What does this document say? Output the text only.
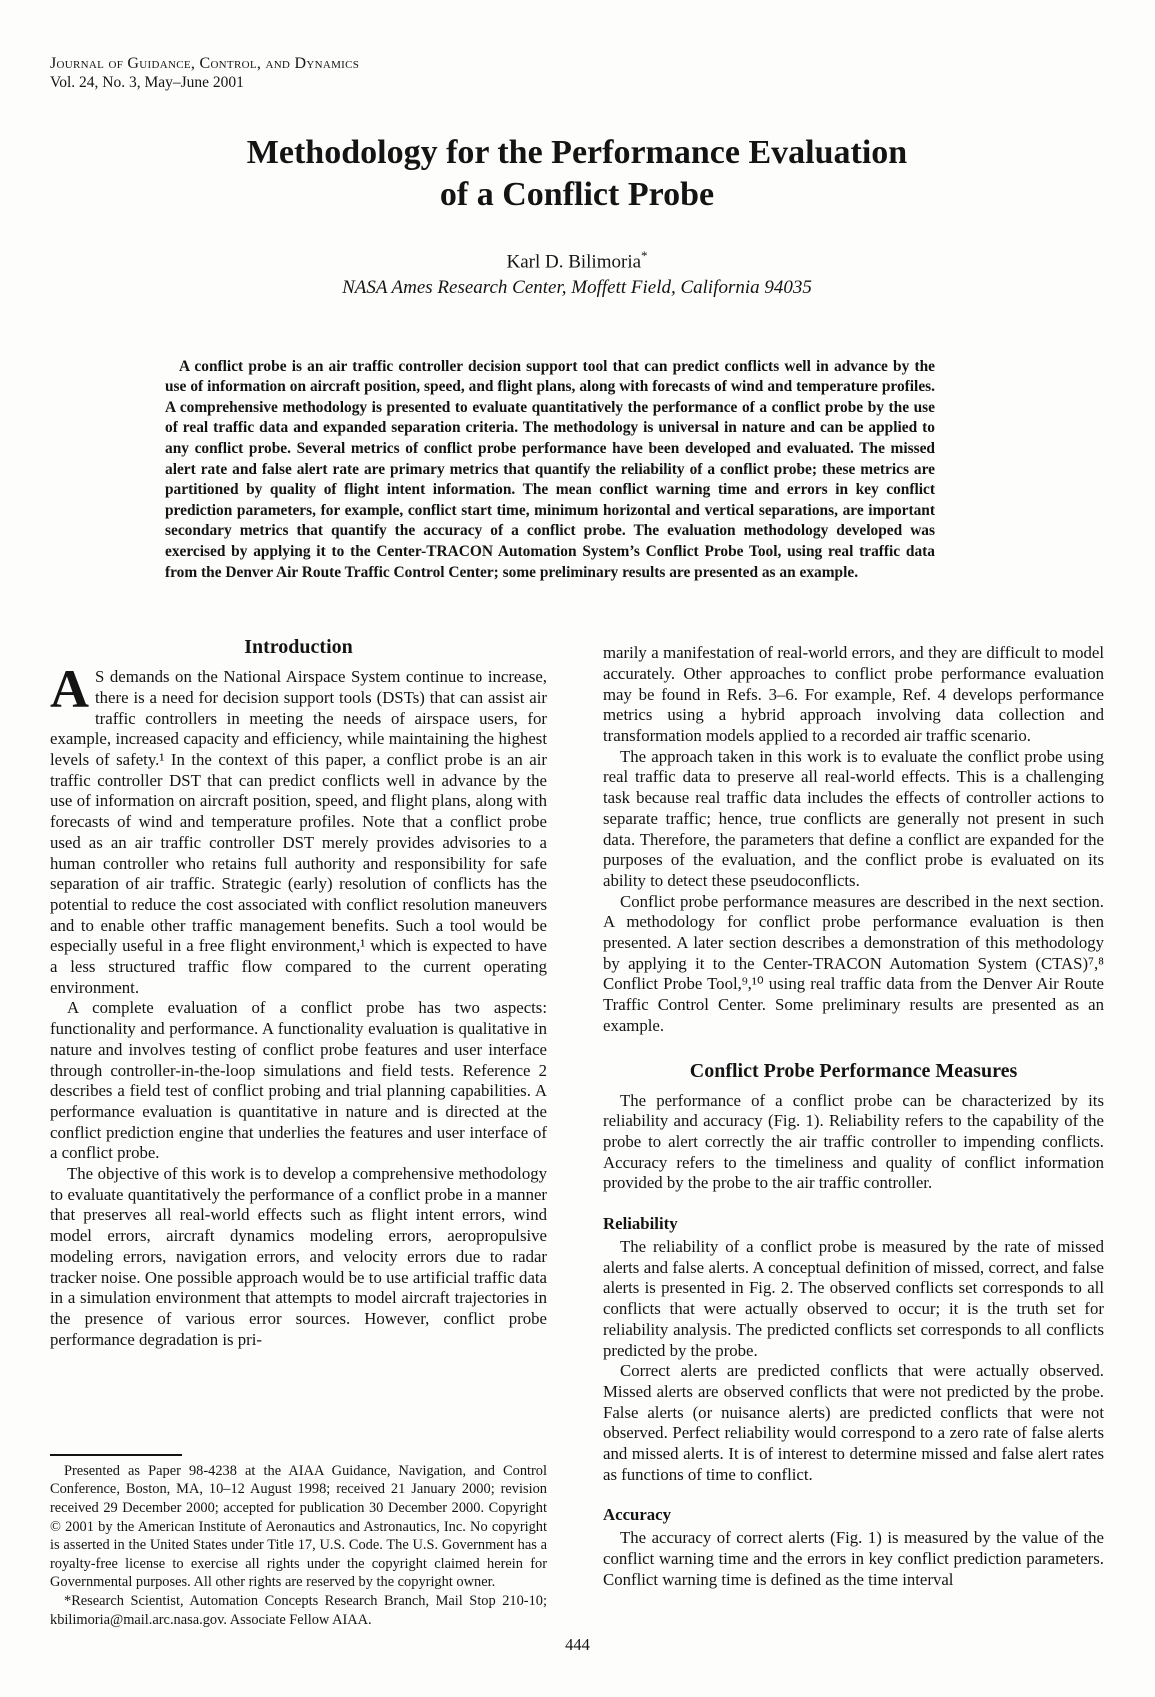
Journal of Guidance, Control, and Dynamics
Vol. 24, No. 3, May–June 2001
Methodology for the Performance Evaluation
of a Conflict Probe
Karl D. Bilimoria*
NASA Ames Research Center, Moffett Field, California 94035

A conflict probe is an air traffic controller decision support tool that can predict conflicts well in advance by the use of information on aircraft position, speed, and flight plans, along with forecasts of wind and temperature profiles. A comprehensive methodology is presented to evaluate quantitatively the performance of a conflict probe by the use of real traffic data and expanded separation criteria. The methodology is universal in nature and can be applied to any conflict probe. Several metrics of conflict probe performance have been developed and evaluated. The missed alert rate and false alert rate are primary metrics that quantify the reliability of a conflict probe; these metrics are partitioned by quality of flight intent information. The mean conflict warning time and errors in key conflict prediction parameters, for example, conflict start time, minimum horizontal and vertical separations, are important secondary metrics that quantify the accuracy of a conflict probe. The evaluation methodology developed was exercised by applying it to the Center-TRACON Automation System’s Conflict Probe Tool, using real traffic data from the Denver Air Route Traffic Control Center; some preliminary results are presented as an example.

Introduction

A S demands on the National Airspace System continue to increase, there is a need for decision support tools (DSTs) that can assist air traffic controllers in meeting the needs of airspace users, for example, increased capacity and efficiency, while maintaining the highest levels of safety.¹ In the context of this paper, a conflict probe is an air traffic controller DST that can predict conflicts well in advance by the use of information on aircraft position, speed, and flight plans, along with forecasts of wind and temperature profiles. Note that a conflict probe used as an air traffic controller DST merely provides advisories to a human controller who retains full authority and responsibility for safe separation of air traffic. Strategic (early) resolution of conflicts has the potential to reduce the cost associated with conflict resolution maneuvers and to enable other traffic management benefits. Such a tool would be especially useful in a free flight environment,¹ which is expected to have a less structured traffic flow compared to the current operating environment.

A complete evaluation of a conflict probe has two aspects: functionality and performance. A functionality evaluation is qualitative in nature and involves testing of conflict probe features and user interface through controller-in-the-loop simulations and field tests. Reference 2 describes a field test of conflict probing and trial planning capabilities. A performance evaluation is quantitative in nature and is directed at the conflict prediction engine that underlies the features and user interface of a conflict probe.

The objective of this work is to develop a comprehensive methodology to evaluate quantitatively the performance of a conflict probe in a manner that preserves all real-world effects such as flight intent errors, wind model errors, aircraft dynamics modeling errors, aeropropulsive modeling errors, navigation errors, and velocity errors due to radar tracker noise. One possible approach would be to use artificial traffic data in a simulation environment that attempts to model aircraft trajectories in the presence of various error sources. However, conflict probe performance degradation is pri-

Presented as Paper 98-4238 at the AIAA Guidance, Navigation, and Control Conference, Boston, MA, 10–12 August 1998; received 21 January 2000; revision received 29 December 2000; accepted for publication 30 December 2000. Copyright © 2001 by the American Institute of Aeronautics and Astronautics, Inc. No copyright is asserted in the United States under Title 17, U.S. Code. The U.S. Government has a royalty-free license to exercise all rights under the copyright claimed herein for Governmental purposes. All other rights are reserved by the copyright owner.

*Research Scientist, Automation Concepts Research Branch, Mail Stop 210-10; kbilimoria@mail.arc.nasa.gov. Associate Fellow AIAA.

marily a manifestation of real-world errors, and they are difficult to model accurately. Other approaches to conflict probe performance evaluation may be found in Refs. 3–6. For example, Ref. 4 develops performance metrics using a hybrid approach involving data collection and transformation models applied to a recorded air traffic scenario.

The approach taken in this work is to evaluate the conflict probe using real traffic data to preserve all real-world effects. This is a challenging task because real traffic data includes the effects of controller actions to separate traffic; hence, true conflicts are generally not present in such data. Therefore, the parameters that define a conflict are expanded for the purposes of the evaluation, and the conflict probe is evaluated on its ability to detect these pseudoconflicts.

Conflict probe performance measures are described in the next section. A methodology for conflict probe performance evaluation is then presented. A later section describes a demonstration of this methodology by applying it to the Center-TRACON Automation System (CTAS)⁷,⁸ Conflict Probe Tool,⁹,¹⁰ using real traffic data from the Denver Air Route Traffic Control Center. Some preliminary results are presented as an example.

Conflict Probe Performance Measures

The performance of a conflict probe can be characterized by its reliability and accuracy (Fig. 1). Reliability refers to the capability of the probe to alert correctly the air traffic controller to impending conflicts. Accuracy refers to the timeliness and quality of conflict information provided by the probe to the air traffic controller.

Reliability

The reliability of a conflict probe is measured by the rate of missed alerts and false alerts. A conceptual definition of missed, correct, and false alerts is presented in Fig. 2. The observed conflicts set corresponds to all conflicts that were actually observed to occur; it is the truth set for reliability analysis. The predicted conflicts set corresponds to all conflicts predicted by the probe.

Correct alerts are predicted conflicts that were actually observed. Missed alerts are observed conflicts that were not predicted by the probe. False alerts (or nuisance alerts) are predicted conflicts that were not observed. Perfect reliability would correspond to a zero rate of false alerts and missed alerts. It is of interest to determine missed and false alert rates as functions of time to conflict.

Accuracy

The accuracy of correct alerts (Fig. 1) is measured by the value of the conflict warning time and the errors in key conflict prediction parameters. Conflict warning time is defined as the time interval

444
